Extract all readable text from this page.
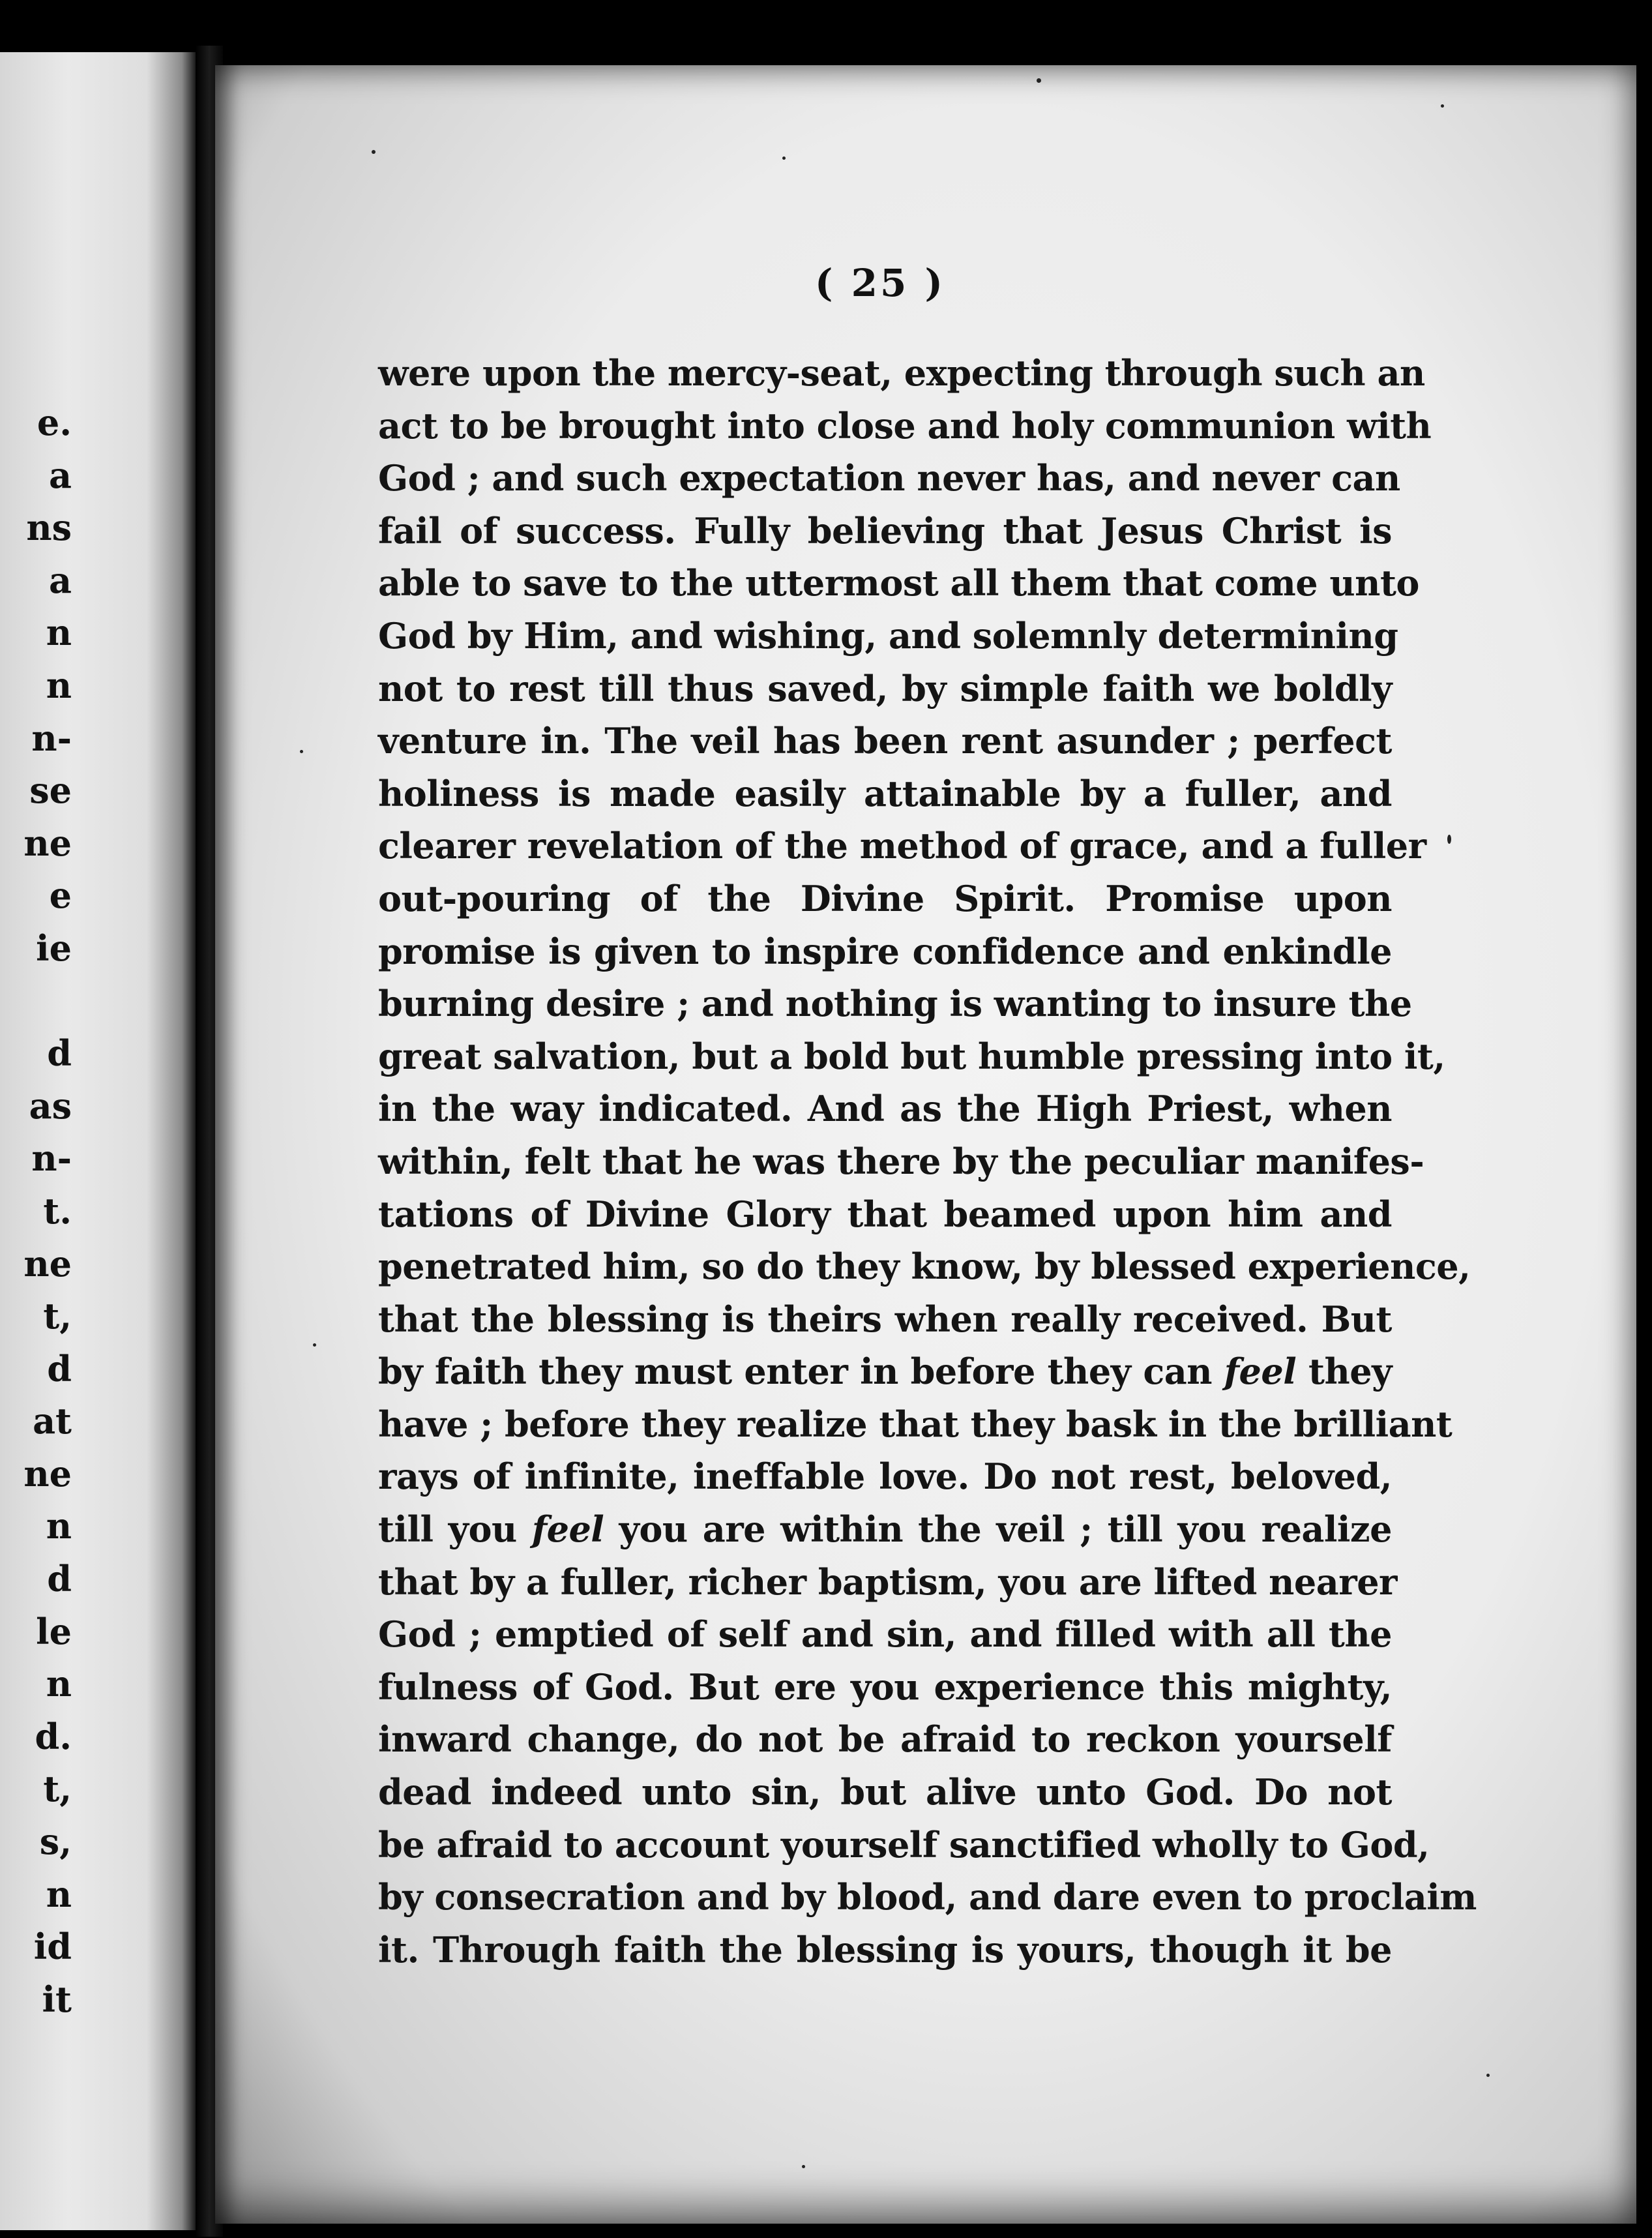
e.
a
ns
a
n
n
n-
se
ne
e
ie
d
as
n-
t.
ne
t,
d
at
ne
n
d
le
n
d.
t,
s,
n
id
it
( 25 )
were upon the mercy-seat, expecting through such an
act to be brought into close and holy communion with
God ; and such expectation never has, and never can
fail of success. Fully believing that Jesus Christ is
able to save to the uttermost all them that come unto
God by Him, and wishing, and solemnly determining
not to rest till thus saved, by simple faith we boldly
venture in. The veil has been rent asunder ; perfect
holiness is made easily attainable by a fuller, and
clearer revelation of the method of grace, and a fuller
out-pouring of the Divine Spirit. Promise upon
promise is given to inspire confidence and enkindle
burning desire ; and nothing is wanting to insure the
great salvation, but a bold but humble pressing into it,
in the way indicated. And as the High Priest, when
within, felt that he was there by the peculiar manifes-
tations of Divine Glory that beamed upon him and
penetrated him, so do they know, by blessed experience,
that the blessing is theirs when really received. But
by faith they must enter in before they can feel they
have ; before they realize that they bask in the brilliant
rays of infinite, ineffable love. Do not rest, beloved,
till you feel you are within the veil ; till you realize
that by a fuller, richer baptism, you are lifted nearer
God ; emptied of self and sin, and filled with all the
fulness of God. But ere you experience this mighty,
inward change, do not be afraid to reckon yourself
dead indeed unto sin, but alive unto God. Do not
be afraid to account yourself sanctified wholly to God,
by consecration and by blood, and dare even to proclaim
it. Through faith the blessing is yours, though it be
